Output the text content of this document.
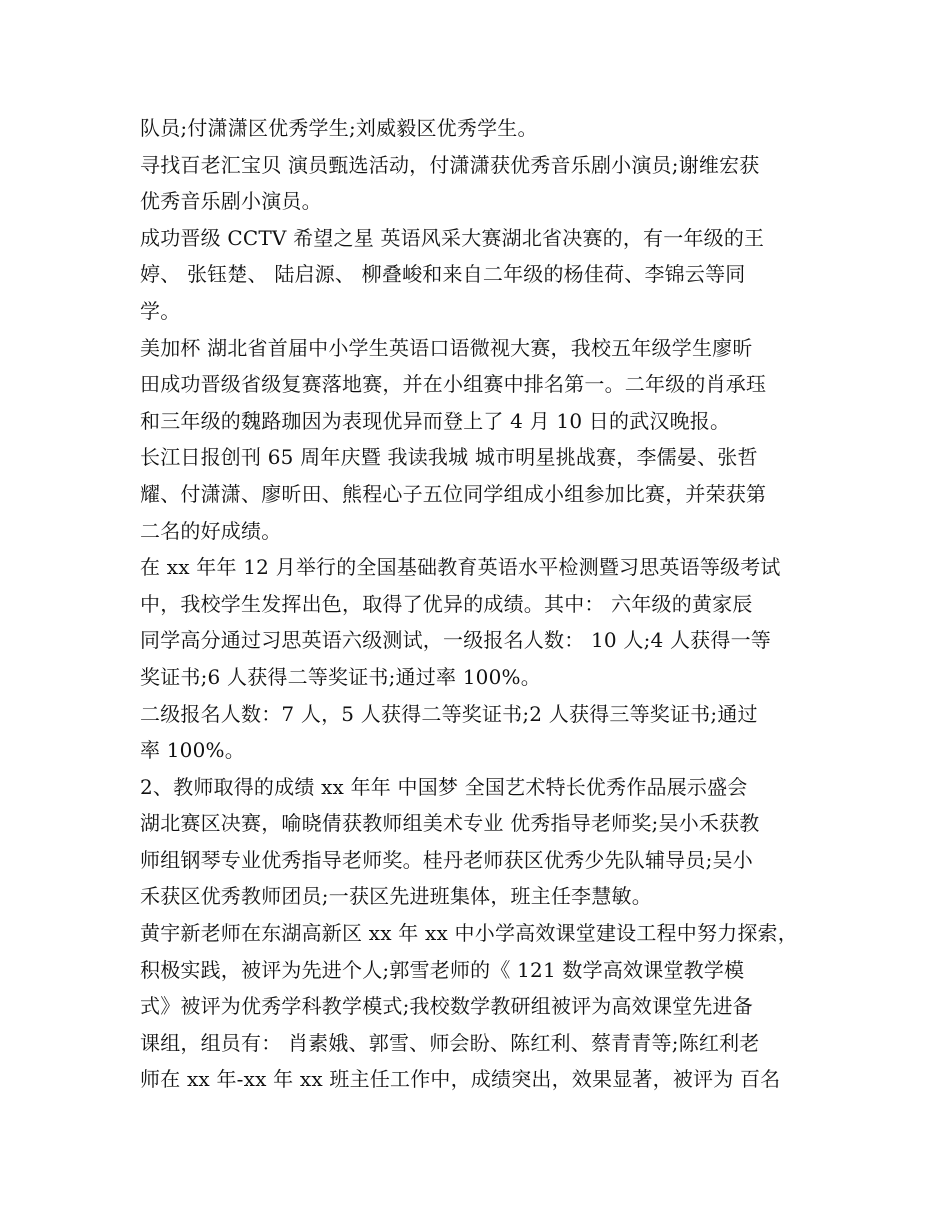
队员;付潇潇区优秀学生;刘威毅区优秀学生。
寻找百老汇宝贝 演员甄选活动，付潇潇获优秀音乐剧小演员;谢维宏获
优秀音乐剧小演员。
成功晋级 CCTV 希望之星 英语风采大赛湖北省决赛的，有一年级的王
婷、 张钰楚、 陆启源、 柳叠峻和来自二年级的杨佳荷、李锦云等同
学。
美加杯 湖北省首届中小学生英语口语微视大赛，我校五年级学生廖昕
田成功晋级省级复赛落地赛，并在小组赛中排名第一。二年级的肖承珏
和三年级的魏路珈因为表现优异而登上了 4 月 10 日的武汉晚报。
长江日报创刊 65 周年庆暨 我读我城 城市明星挑战赛，李儒晏、张哲
耀、付潇潇、廖昕田、熊程心子五位同学组成小组参加比赛，并荣获第
二名的好成绩。
在 xx 年年 12 月举行的全国基础教育英语水平检测暨习思英语等级考试
中，我校学生发挥出色，取得了优异的成绩。其中： 六年级的黄家辰
同学高分通过习思英语六级测试，一级报名人数： 10 人;4 人获得一等
奖证书;6 人获得二等奖证书;通过率 100%。
二级报名人数：7 人，5 人获得二等奖证书;2 人获得三等奖证书;通过
率 100%。
2、教师取得的成绩 xx 年年 中国梦 全国艺术特长优秀作品展示盛会
湖北赛区决赛，喻晓倩获教师组美术专业 优秀指导老师奖;吴小禾获教
师组钢琴专业优秀指导老师奖。桂丹老师获区优秀少先队辅导员;吴小
禾获区优秀教师团员;一获区先进班集体，班主任李慧敏。
黄宇新老师在东湖高新区 xx 年 xx 中小学高效课堂建设工程中努力探索，
积极实践，被评为先进个人;郭雪老师的《 121 数学高效课堂教学模
式》被评为优秀学科教学模式;我校数学教研组被评为高效课堂先进备
课组，组员有： 肖素娥、郭雪、师会盼、陈红利、蔡青青等;陈红利老
师在 xx 年-xx 年 xx 班主任工作中，成绩突出，效果显著，被评为 百名
